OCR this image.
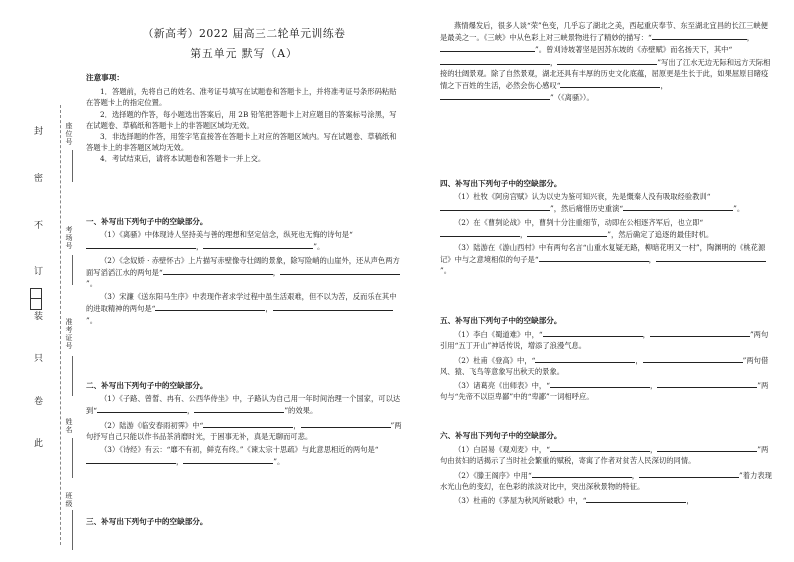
封
密
不
订
装
只
卷
此
座位号
考场号
准考证号
姓名
班级
（新高考）2022 届高三二轮单元训练卷
第五单元 默写（A）

注意事项：

1．答题前，先将自己的姓名、准考证号填写在试题卷和答题卡上，并将准考证号条形码粘贴在答题卡上的指定位置。

2．选择题的作答，每小题选出答案后，用 2B 铅笔把答题卡上对应题目的答案标号涂黑，写在试题卷、草稿纸和答题卡上的非答题区域均无效。

3．非选择题的作答，用签字笔直接答在答题卡上对应的答题区域内。写在试题卷、草稿纸和答题卡上的非答题区域均无效。

4．考试结束后，请将本试题卷和答题卡一并上交。

一、补写出下列句子中的空缺部分。

（1）《离骚》中体现诗人坚持美与善的理想和坚定信念，纵死也无悔的诗句是“，	”。

（2）《念奴娇 · 赤壁怀古》上片描写赤壁像寺壮阔的景象，除写险峭的山崖外，还从声色两方面写滔滔江水的两句是“	，”。

（3）宋濂《送东阳马生序》中表现作者求学过程中虽生活艰难，但不以为苦，反而乐在其中的进取精神的两句是“	，”。

二、补写出下列句子中的空缺部分。

（1）《子路、曾皙、冉有、公西华侍坐》中，子路认为自己用一年时间治理一个国家，可以达到“	，	”的效果。

（2）陆游《临安春雨初霁》中“	，	”两句抒写自己只能以作书品茶消磨时光，于困事无补，真是无聊而可悲。

（3）《诗经》有云：“靡不有初，鲜克有终。”《谏太宗十思疏》与此意思相近的两句是“，	”。

三、补写出下列句子中的空缺部分。

燕情爆发后，很多人谈“荣”色变，几乎忘了湖北之美，西起重庆奉节、东至湖北宜昌的长江三峡便是最美之一。《三峡》中从色彩上对三峡景物进行了精妙的描写：“	，”。曾刈诗坡著坚是因苏东坡的《赤壁赋》而名扬天下，其中“，	”写出了江水无边无际和远方天际相接的壮阔景观。除了自然景观，湖北还具有丰厚的历史文化底蕴，屈原更是生长于此，如果屈原目睹疫情之下百姓的生活，必然会伤心感叹“	，”（《离骚》）。

四、补写出下列句子中的空缺部分。

（1）杜牧《阿房宫赋》认为以史为鉴可知兴衰，先是慨秦人没有吸取经验教训“”，然后痛惜历史重演“	”。

（2）在《曹刿论战》中，曹刿十分注重细节，动即在公相逐齐军后，也立即“，	”，然后确定了追逐的最佳时机。

（3）陆游在《游山西村》中有两句名言“山重水复疑无路，柳暗花明又一村”，陶渊明的《桃花源记》中与之意境相似的句子是“	，”。

五、补写出下列句子中的空缺部分。

（1）李白《蜀道难》中，“	，	”两句引用“五丁开山”神话传说，增添了浪漫气息。

（2）杜甫《登高》中，“	，	”两句借风、猿、飞鸟等意象写出秋天的景象。

（3）诸葛亮《出师表》中，“	，	”两句与“先帝不以臣卑鄙”中的“卑鄙”一词相呼应。

六、补写出下列句子中的空缺部分。

（1）白居易《观刈麦》中，“	，	”两句由贫妇的话揭示了当时社会繁重的赋税，寄寓了作者对贫苦人民深切的同情。

（2）《滕王阁序》中用“	，	”着力表现水光山色的变幻，在色彩的浓淡对比中，突出深秋景物的特征。

（3）杜甫的《茅屋为秋风所破歌》中，“	，
